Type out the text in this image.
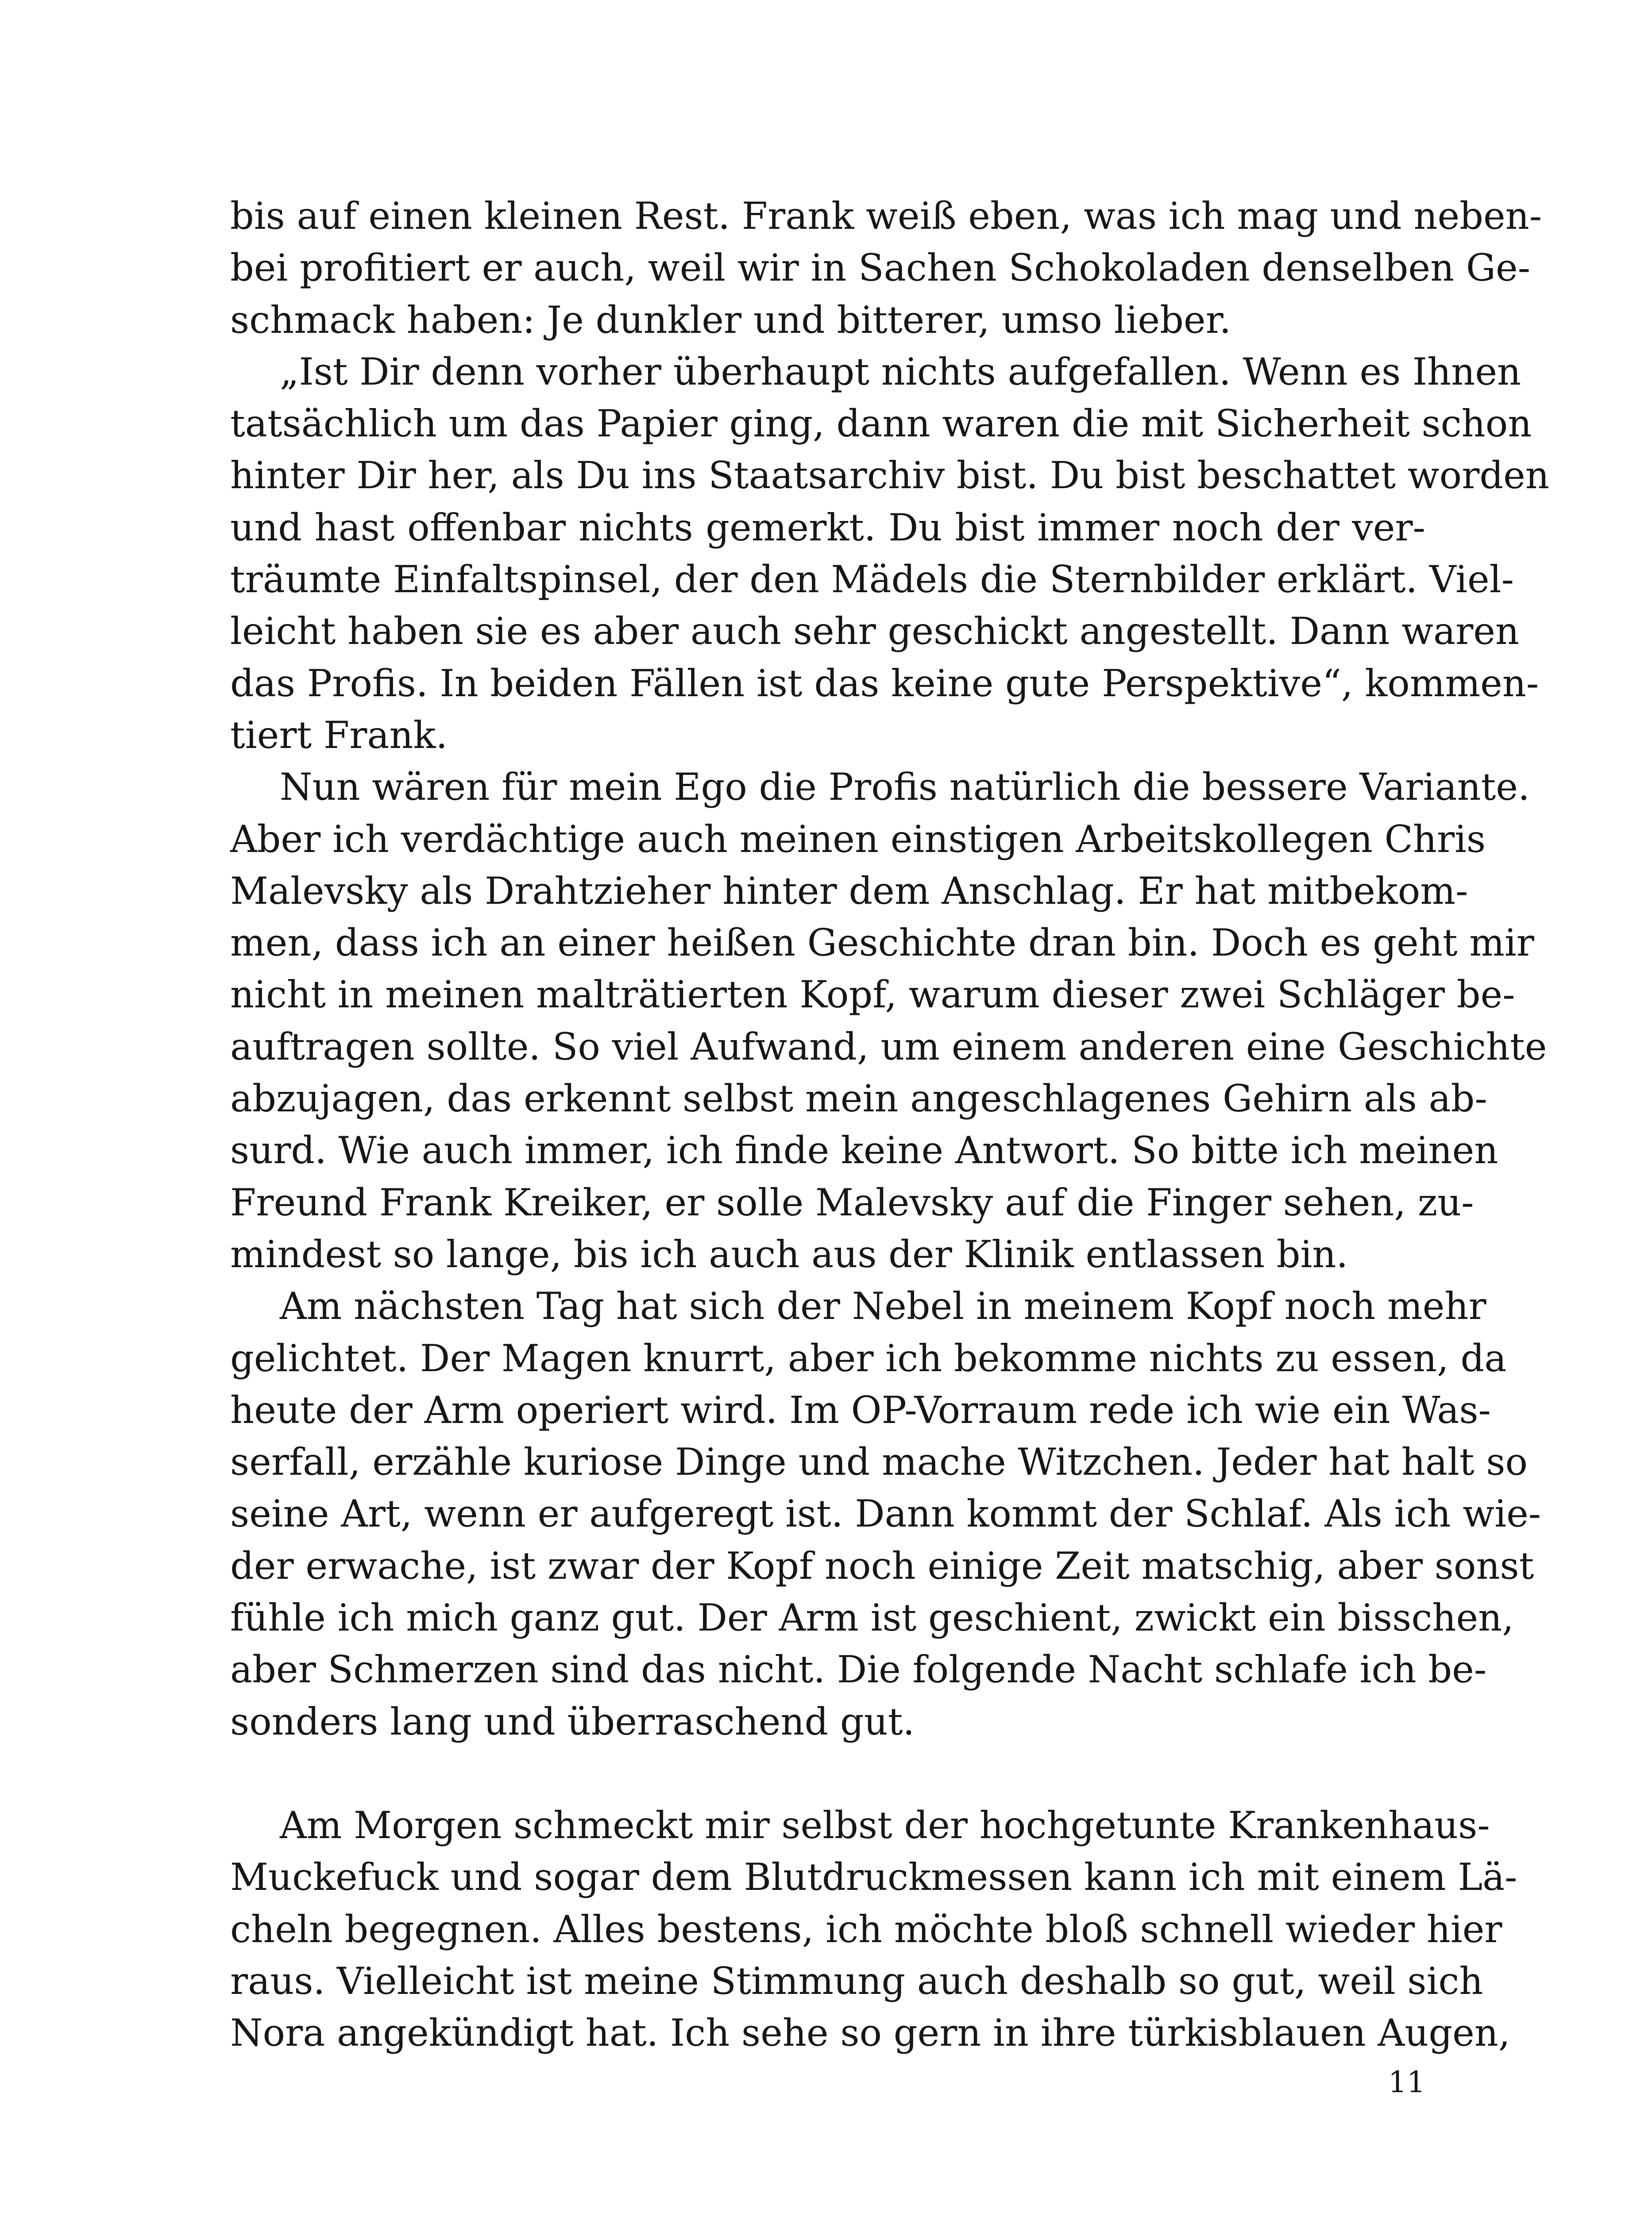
bis auf einen kleinen Rest. Frank weiß eben, was ich mag und neben-
bei profitiert er auch, weil wir in Sachen Schokoladen denselben Ge-
schmack haben: Je dunkler und bitterer, umso lieber.
„Ist Dir denn vorher überhaupt nichts aufgefallen. Wenn es Ihnen
tatsächlich um das Papier ging, dann waren die mit Sicherheit schon
hinter Dir her, als Du ins Staatsarchiv bist. Du bist beschattet worden
und hast offenbar nichts gemerkt. Du bist immer noch der ver-
träumte Einfaltspinsel, der den Mädels die Sternbilder erklärt. Viel-
leicht haben sie es aber auch sehr geschickt angestellt. Dann waren
das Profis. In beiden Fällen ist das keine gute Perspektive“, kommen-
tiert Frank.
Nun wären für mein Ego die Profis natürlich die bessere Variante.
Aber ich verdächtige auch meinen einstigen Arbeitskollegen Chris
Malevsky als Drahtzieher hinter dem Anschlag. Er hat mitbekom-
men, dass ich an einer heißen Geschichte dran bin. Doch es geht mir
nicht in meinen malträtierten Kopf, warum dieser zwei Schläger be-
auftragen sollte. So viel Aufwand, um einem anderen eine Geschichte
abzujagen, das erkennt selbst mein angeschlagenes Gehirn als ab-
surd. Wie auch immer, ich finde keine Antwort. So bitte ich meinen
Freund Frank Kreiker, er solle Malevsky auf die Finger sehen, zu-
mindest so lange, bis ich auch aus der Klinik entlassen bin.
Am nächsten Tag hat sich der Nebel in meinem Kopf noch mehr
gelichtet. Der Magen knurrt, aber ich bekomme nichts zu essen, da
heute der Arm operiert wird. Im OP-Vorraum rede ich wie ein Was-
serfall, erzähle kuriose Dinge und mache Witzchen. Jeder hat halt so
seine Art, wenn er aufgeregt ist. Dann kommt der Schlaf. Als ich wie-
der erwache, ist zwar der Kopf noch einige Zeit matschig, aber sonst
fühle ich mich ganz gut. Der Arm ist geschient, zwickt ein bisschen,
aber Schmerzen sind das nicht. Die folgende Nacht schlafe ich be-
sonders lang und überraschend gut.
Am Morgen schmeckt mir selbst der hochgetunte Krankenhaus-
Muckefuck und sogar dem Blutdruckmessen kann ich mit einem Lä-
cheln begegnen. Alles bestens, ich möchte bloß schnell wieder hier
raus. Vielleicht ist meine Stimmung auch deshalb so gut, weil sich
Nora angekündigt hat. Ich sehe so gern in ihre türkisblauen Augen,
11
